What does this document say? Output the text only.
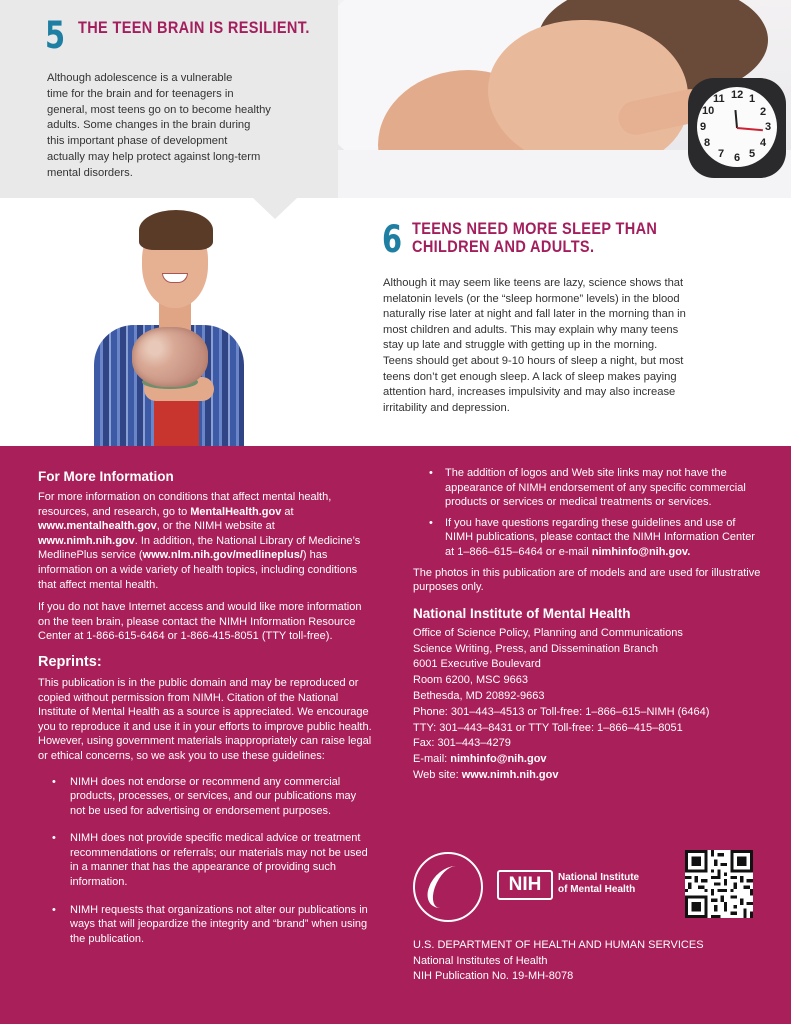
5 THE TEEN BRAIN IS RESILIENT.
Although adolescence is a vulnerable
time for the brain and for teenagers in
general, most teens go on to become healthy
adults. Some changes in the brain during
this important phase of development
actually may help protect against long-term
mental disorders.
12 1
2
3
4
5
6
7
8
9
10
11
6 TEENS NEED MORE SLEEP THAN CHILDREN AND ADULTS.
Although it may seem like teens are lazy, science shows that
melatonin levels (or the “sleep hormone” levels) in the blood
naturally rise later at night and fall later in the morning than in
most children and adults. This may explain why many teens
stay up late and struggle with getting up in the morning.
Teens should get about 9-10 hours of sleep a night, but most
teens don’t get enough sleep. A lack of sleep makes paying
attention hard, increases impulsivity and may also increase
irritability and depression.
For More Information

For more information on conditions that affect mental health, resources, and research, go to MentalHealth.gov at www.mentalhealth.gov, or the NIMH website at www.nimh.nih.gov. In addition, the National Library of Medicine’s MedlinePlus service (www.nlm.nih.gov/medlineplus/) has information on a wide variety of health topics, including conditions that affect mental health.

If you do not have Internet access and would like more information on the teen brain, please contact the NIMH Information Resource Center at 1-866-615-6464 or 1-866-415-8051 (TTY toll-free).

Reprints:

This publication is in the public domain and may be reproduced or copied without permission from NIMH. Citation of the National Institute of Mental Health as a source is appreciated. We encourage you to reproduce it and use it in your efforts to improve public health. However, using government materials inappropriately can raise legal or ethical concerns, so we ask you to use these guidelines:

• NIMH does not endorse or recommend any commercial products, processes, or services, and our publications may not be used for advertising or endorsement purposes.
• NIMH does not provide specific medical advice or treatment recommendations or referrals; our materials may not be used in a manner that has the appearance of providing such information.
• NIMH requests that organizations not alter our publications in ways that will jeopardize the integrity and “brand” when using the publication.
• The addition of logos and Web site links may not have the appearance of NIMH endorsement of any specific commercial products or services or medical treatments or services.
• If you have questions regarding these guidelines and use of NIMH publications, please contact the NIMH Information Center at 1–866–615–6464 or e-mail nimhinfo@nih.gov.

The photos in this publication are of models and are used for illustrative purposes only.

National Institute of Mental Health
Office of Science Policy, Planning and Communications
Science Writing, Press, and Dissemination Branch
6001 Executive Boulevard
Room 6200, MSC 9663
Bethesda, MD 20892-9663
Phone: 301–443–4513 or Toll-free: 1–866–615–NIMH (6464)
TTY: 301–443–8431 or TTY Toll-free: 1–866–415–8051
Fax: 301–443–4279
E-mail: nimhinfo@nih.gov
Web site: www.nimh.nih.gov
NIH	National Institute
of Mental Health
U.S. DEPARTMENT OF HEALTH AND HUMAN SERVICES
National Institutes of Health
NIH Publication No. 19-MH-8078
